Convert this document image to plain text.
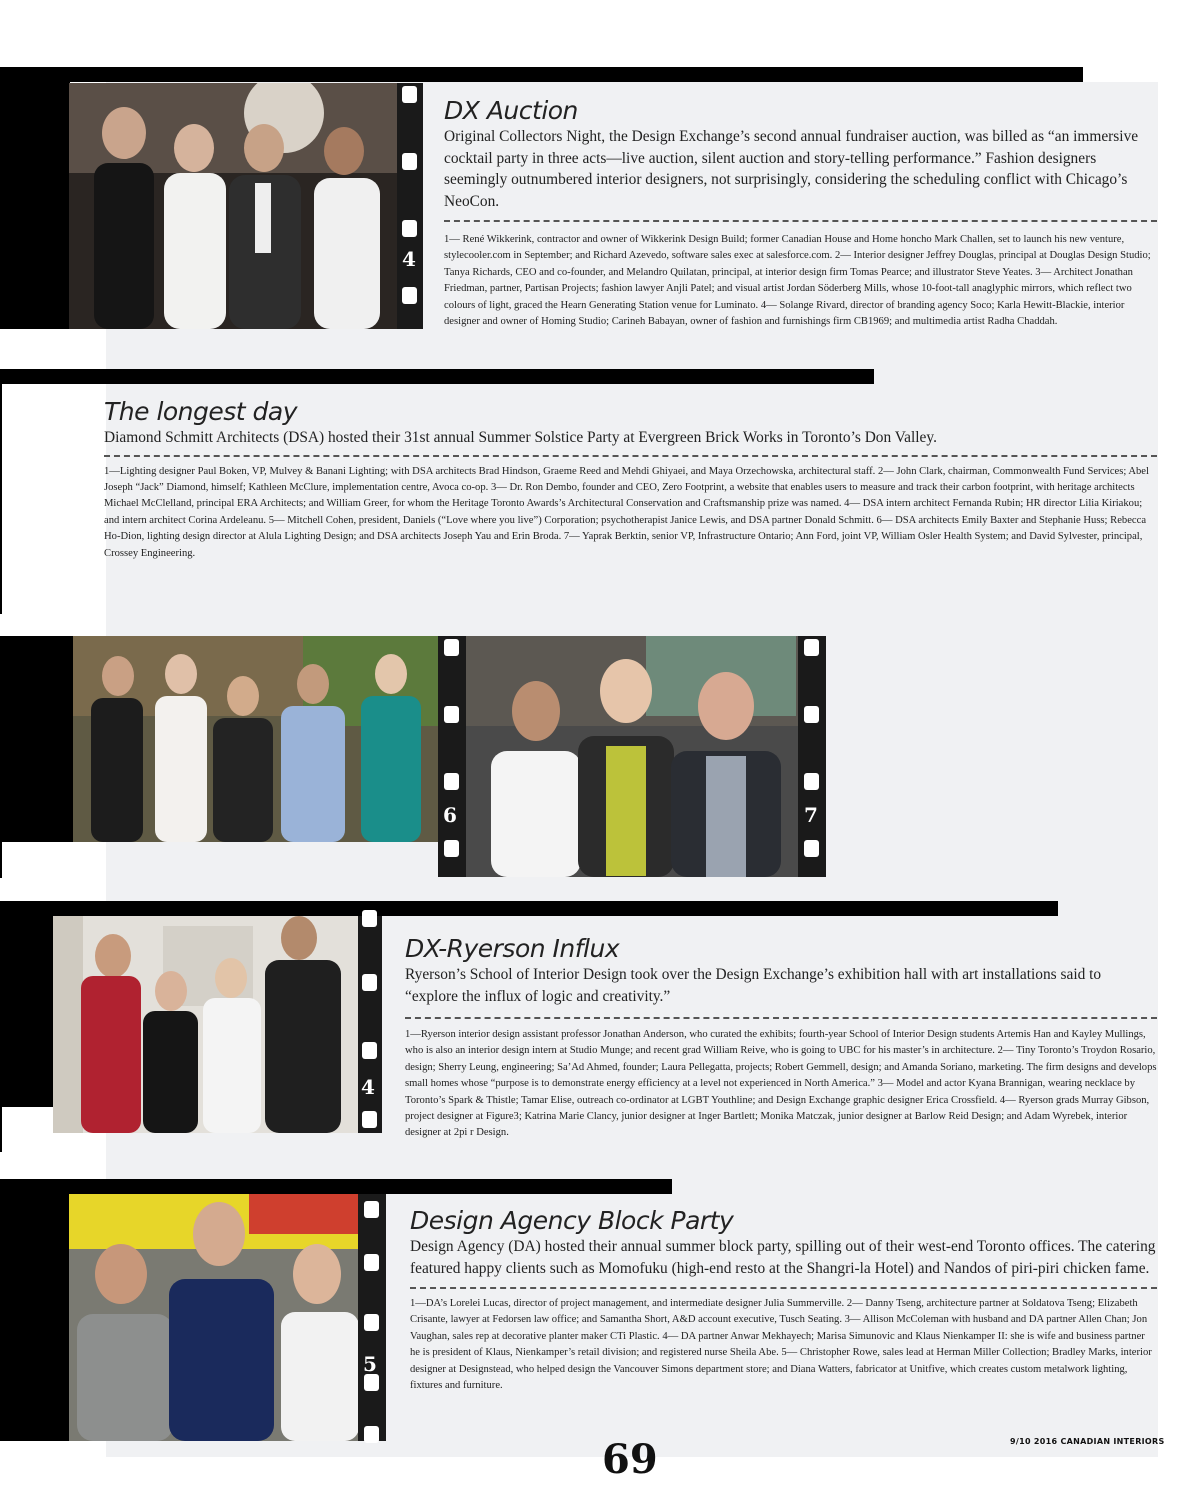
4
DX Auction

Original Collectors Night, the Design Exchange’s second annual fundraiser auction, was billed as “an immersive cocktail party in three acts—live auction, silent auction and story-telling performance.” Fashion designers seemingly outnumbered interior designers, not surprisingly, considering the scheduling conflict with Chicago’s NeoCon.

1— René Wikkerink, contractor and owner of Wikkerink Design Build; former Canadian House and Home honcho Mark Challen, set to launch his new venture, stylecooler.com in September; and Richard Azevedo, software sales exec at salesforce.com. 2— Interior designer Jeffrey Douglas, principal at Douglas Design Studio; Tanya Richards, CEO and co-founder, and Melandro Quilatan, principal, at interior design firm Tomas Pearce; and illustrator Steve Yeates. 3— Architect Jonathan Friedman, partner, Partisan Projects; fashion lawyer Anjli Patel; and visual artist Jordan Söderberg Mills, whose 10-foot-tall anaglyphic mirrors, which reflect two colours of light, graced the Hearn Generating Station venue for Luminato. 4— Solange Rivard, director of branding agency Soco; Karla Hewitt-Blackie, interior designer and owner of Homing Studio; Carineh Babayan, owner of fashion and furnishings firm CB1969; and multimedia artist Radha Chaddah.

The longest day

Diamond Schmitt Architects (DSA) hosted their 31st annual Summer Solstice Party at Evergreen Brick Works in Toronto’s Don Valley.

1—Lighting designer Paul Boken, VP, Mulvey & Banani Lighting; with DSA architects Brad Hindson, Graeme Reed and Mehdi Ghiyaei, and Maya Orzechowska, architectural staff. 2— John Clark, chairman, Commonwealth Fund Services; Abel Joseph “Jack” Diamond, himself; Kathleen McClure, implementation centre, Avoca co-op. 3— Dr. Ron Dembo, founder and CEO, Zero Footprint, a website that enables users to measure and track their carbon footprint, with heritage architects Michael McClelland, principal ERA Architects; and William Greer, for whom the Heritage Toronto Awards’s Architectural Conservation and Craftsmanship prize was named. 4— DSA intern architect Fernanda Rubin; HR director Lilia Kiriakou; and intern architect Corina Ardeleanu. 5— Mitchell Cohen, president, Daniels (“Love where you live”) Corporation; psychotherapist Janice Lewis, and DSA partner Donald Schmitt. 6— DSA architects Emily Baxter and Stephanie Huss; Rebecca Ho-Dion, lighting design director at Alula Lighting Design; and DSA architects Joseph Yau and Erin Broda. 7— Yaprak Berktin, senior VP, Infrastructure Ontario; Ann Ford, joint VP, William Osler Health System; and David Sylvester, principal, Crossey Engineering.

6	7
4
DX-Ryerson Influx

Ryerson’s School of Interior Design took over the Design Exchange’s exhibition hall with art installations said to “explore the influx of logic and creativity.”

1—Ryerson interior design assistant professor Jonathan Anderson, who curated the exhibits; fourth-year School of Interior Design students Artemis Han and Kayley Mullings, who is also an interior design intern at Studio Munge; and recent grad William Reive, who is going to UBC for his master’s in architecture. 2— Tiny Toronto’s Troydon Rosario, design; Sherry Leung, engineering; Sa’Ad Ahmed, founder; Laura Pellegatta, projects; Robert Gemmell, design; and Amanda Soriano, marketing. The firm designs and develops small homes whose “purpose is to demonstrate energy efficiency at a level not experienced in North America.” 3— Model and actor Kyana Brannigan, wearing necklace by Toronto’s Spark & Thistle; Tamar Elise, outreach co-ordinator at LGBT Youthline; and Design Exchange graphic designer Erica Crossfield. 4— Ryerson grads Murray Gibson, project designer at Figure3; Katrina Marie Clancy, junior designer at Inger Bartlett; Monika Matczak, junior designer at Barlow Reid Design; and Adam Wyrebek, interior designer at 2pi r Design.

5
Design Agency Block Party

Design Agency (DA) hosted their annual summer block party, spilling out of their west-end Toronto offices. The catering featured happy clients such as Momofuku (high-end resto at the Shangri-la Hotel) and Nandos of piri-piri chicken fame.

1—DA’s Lorelei Lucas, director of project management, and intermediate designer Julia Summerville. 2— Danny Tseng, architecture partner at Soldatova Tseng; Elizabeth Crisante, lawyer at Fedorsen law office; and Samantha Short, A&D account executive, Tusch Seating. 3— Allison McColeman with husband and DA partner Allen Chan; Jon Vaughan, sales rep at decorative planter maker CTi Plastic. 4— DA partner Anwar Mekhayech; Marisa Simunovic and Klaus Nienkamper II: she is wife and business partner he is president of Klaus, Nienkamper’s retail division; and registered nurse Sheila Abe. 5— Christopher Rowe, sales lead at Herman Miller Collection; Bradley Marks, interior designer at Designstead, who helped design the Vancouver Simons department store; and Diana Watters, fabricator at Unitfive, which creates custom metalwork lighting, fixtures and furniture.

69	9/10 2016 CANADIAN INTERIORS
